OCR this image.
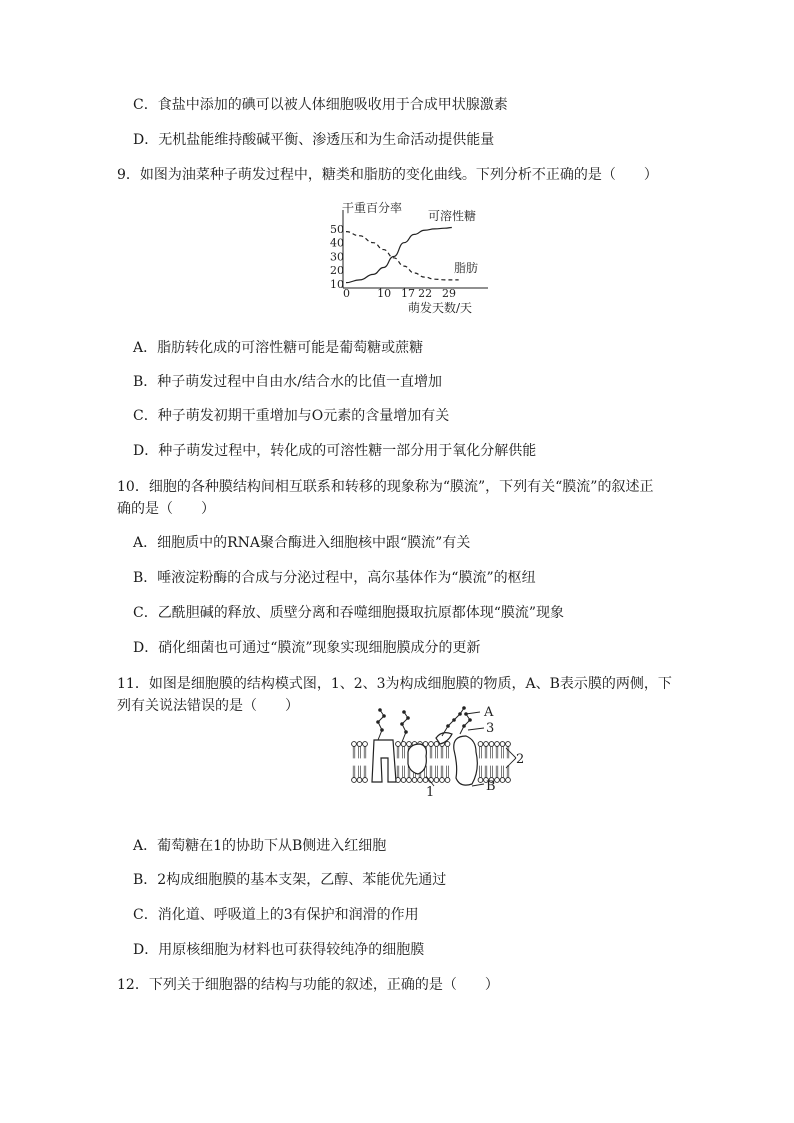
C．食盐中添加的碘可以被人体细胞吸收用于合成甲状腺激素
D．无机盐能维持酸碱平衡、渗透压和为生命活动提供能量
9．如图为油菜种子萌发过程中，糖类和脂肪的变化曲线。下列分析不正确的是（　　）
干重百分率
萌发天数/天
50
40
30
20
10
0 10 17 22 29
可溶性糖
脂肪
A．脂肪转化成的可溶性糖可能是葡萄糖或蔗糖
B．种子萌发过程中自由水/结合水的比值一直增加
C．种子萌发初期干重增加与O元素的含量增加有关
D．种子萌发过程中，转化成的可溶性糖一部分用于氧化分解供能
10．细胞的各种膜结构间相互联系和转移的现象称为“膜流”，下列有关“膜流”的叙述正
确的是（　　）
A．细胞质中的RNA聚合酶进入细胞核中跟“膜流”有关
B．唾液淀粉酶的合成与分泌过程中，高尔基体作为“膜流”的枢纽
C．乙酰胆碱的释放、质壁分离和吞噬细胞摄取抗原都体现“膜流”现象
D．硝化细菌也可通过“膜流”现象实现细胞膜成分的更新
11．如图是细胞膜的结构模式图，1、2、3为构成细胞膜的物质，A、B表示膜的两侧，下
列有关说法错误的是（　　）	A
3
2
1	B
A．葡萄糖在1的协助下从B侧进入红细胞
B．2构成细胞膜的基本支架，乙醇、苯能优先通过
C．消化道、呼吸道上的3有保护和润滑的作用
D．用原核细胞为材料也可获得较纯净的细胞膜
12．下列关于细胞器的结构与功能的叙述，正确的是（　　）
